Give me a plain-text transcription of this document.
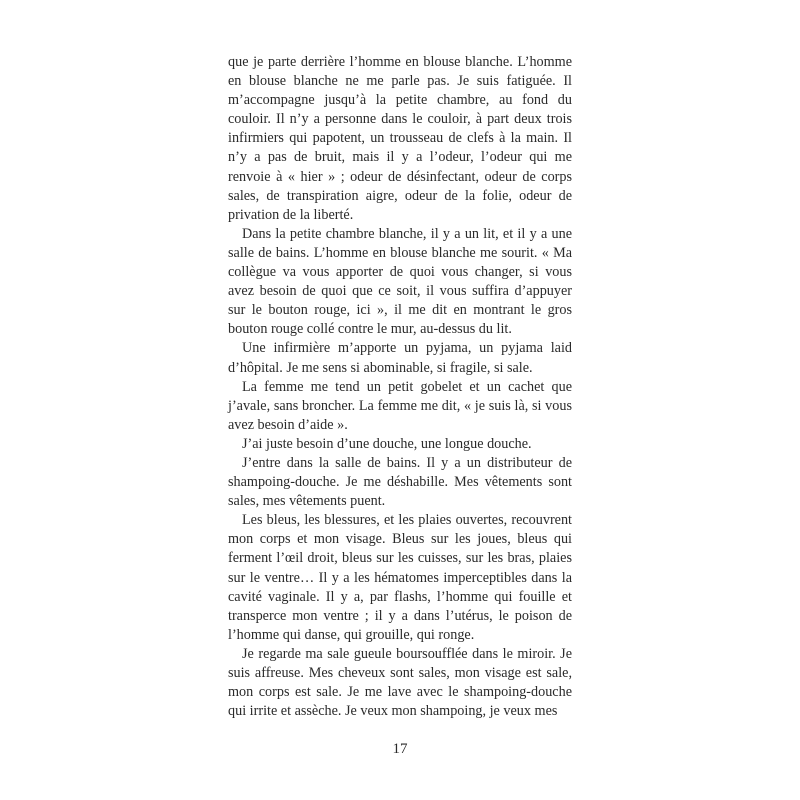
que je parte derrière l’homme en blouse blanche. L’homme en blouse blanche ne me parle pas. Je suis fatiguée. Il m’accompagne jusqu’à la petite chambre, au fond du couloir. Il n’y a personne dans le couloir, à part deux trois infirmiers qui papotent, un trousseau de clefs à la main. Il n’y a pas de bruit, mais il y a l’odeur, l’odeur qui me renvoie à « hier » ; odeur de désinfectant, odeur de corps sales, de transpiration aigre, odeur de la folie, odeur de privation de la liberté.

Dans la petite chambre blanche, il y a un lit, et il y a une salle de bains. L’homme en blouse blanche me sourit. « Ma collègue va vous apporter de quoi vous changer, si vous avez besoin de quoi que ce soit, il vous suffira d’appuyer sur le bouton rouge, ici », il me dit en montrant le gros bouton rouge collé contre le mur, au-dessus du lit.

Une infirmière m’apporte un pyjama, un pyjama laid d’hôpital. Je me sens si abominable, si fragile, si sale.

La femme me tend un petit gobelet et un cachet que j’avale, sans broncher. La femme me dit, « je suis là, si vous avez besoin d’aide ».

J’ai juste besoin d’une douche, une longue douche.

J’entre dans la salle de bains. Il y a un distributeur de shampoing-douche. Je me déshabille. Mes vêtements sont sales, mes vêtements puent.

Les bleus, les blessures, et les plaies ouvertes, recouvrent mon corps et mon visage. Bleus sur les joues, bleus qui ferment l’œil droit, bleus sur les cuisses, sur les bras, plaies sur le ventre… Il y a les hématomes imperceptibles dans la cavité vaginale. Il y a, par flashs, l’homme qui fouille et transperce mon ventre ; il y a dans l’utérus, le poison de l’homme qui danse, qui grouille, qui ronge.

Je regarde ma sale gueule boursoufflée dans le miroir. Je suis affreuse. Mes cheveux sont sales, mon visage est sale, mon corps est sale. Je me lave avec le shampoing-douche qui irrite et assèche. Je veux mon shampoing, je veux mes

17
